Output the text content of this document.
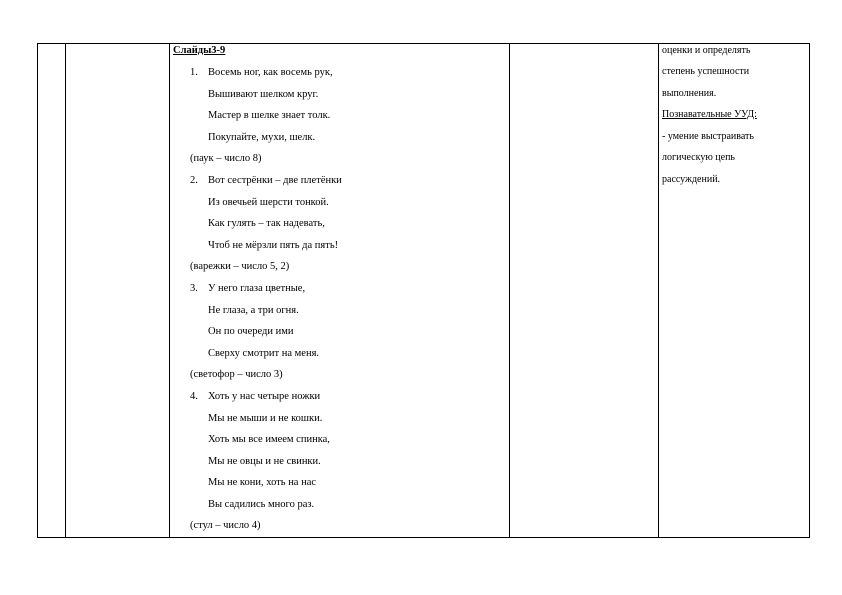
Слайды3-9
1. Восемь ног, как восемь рук,
Вышивают шелком круг.
Мастер в шелке знает толк.
Покупайте, мухи, шелк.
(паук – число 8)
2. Вот сестрёнки – две плетёнки
Из овечьей шерсти тонкой.
Как гулять – так надевать,
Чтоб не мёрзли пять да пять!
(варежки – число 5, 2)
3. У него глаза цветные,
Не глаза, а три огня.
Он по очереди ими
Сверху смотрит на меня.
(светофор – число 3)
4. Хоть у нас четыре ножки
Мы не мыши и не кошки.
Хоть мы все имеем спинка,
Мы не овцы и не свинки.
Мы не кони, хоть на нас
Вы садились много раз.
(стул – число 4)

оценки и определять
степень успешности
выполнения.
Познавательные УУД:
- умение выстраивать
логическую цепь
рассуждений.
